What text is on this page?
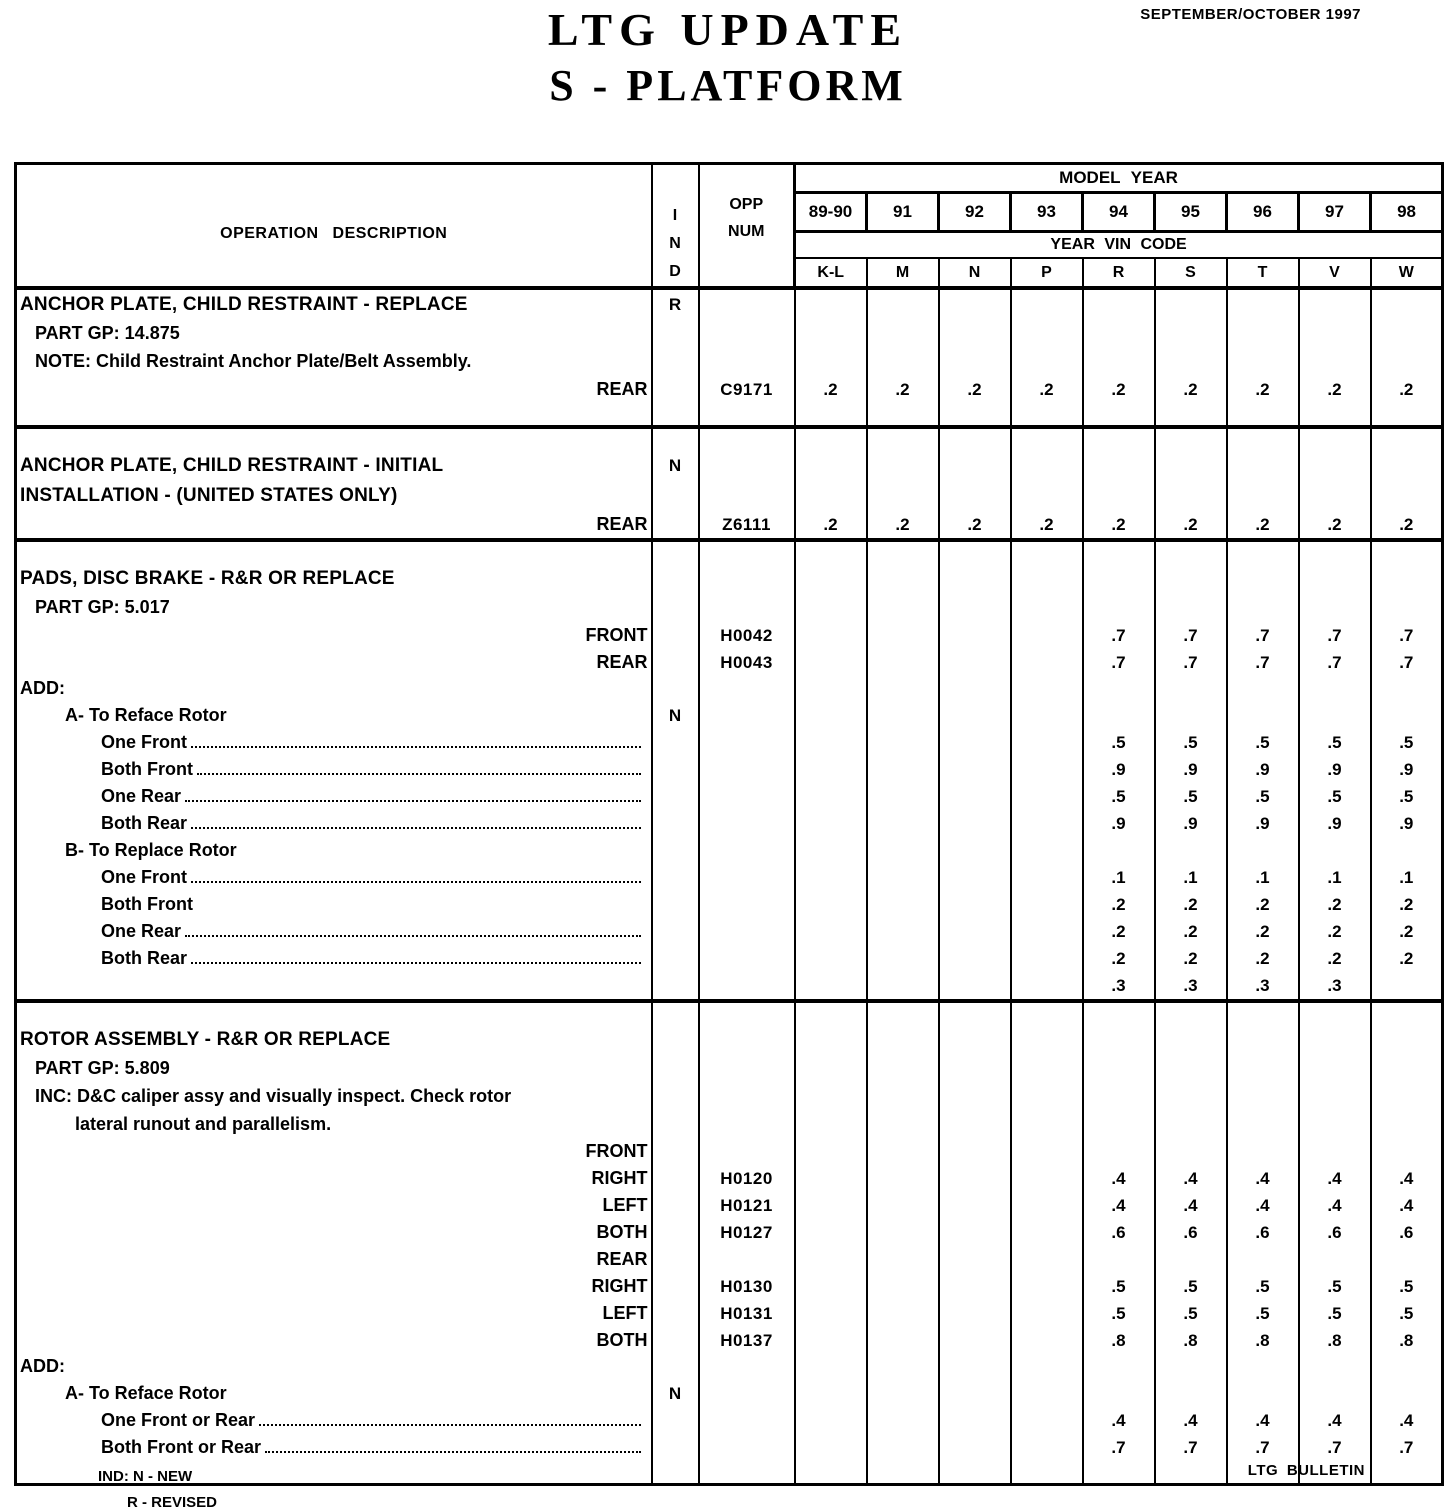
SEPTEMBER/OCTOBER 1997
LTG UPDATE
S - PLATFORM
OPERATION DESCRIPTION	I
N
D	OPP
NUM	MODEL YEAR								
			89-90	91	92	93	94	95	96	97	98
			YEAR VIN CODE								
			K-L	M	N	P	R	S	T	V	W

ANCHOR PLATE, CHILD RESTRAINT - REPLACE	R										

PART GP: 14.875											

NOTE: Child Restraint Anchor Plate/Belt Assembly.											

REAR		C9171	.2	.2	.2	.2	.2	.2	.2	.2	.2

ANCHOR PLATE, CHILD RESTRAINT - INITIAL	N										

INSTALLATION - (UNITED STATES ONLY)											

REAR		Z6111	.2	.2	.2	.2	.2	.2	.2	.2	.2

PADS, DISC BRAKE - R&R OR REPLACE											

PART GP: 5.017											

FRONT		H0042					.7	.7	.7	.7	.7

REAR		H0043					.7	.7	.7	.7	.7

ADD:											

A- To Reface Rotor	N										

One Front							.5	.5	.5	.5	.5

Both Front							.9	.9	.9	.9	.9

One Rear							.5	.5	.5	.5	.5

Both Rear							.9	.9	.9	.9	.9

B- To Replace Rotor											

One Front							.1	.1	.1	.1	.1

Both Front							.2	.2	.2	.2	.2

One Rear							.2	.2	.2	.2	.2

Both Rear							.2	.2	.2	.2	.2
							.3	.3	.3	.3	

ROTOR ASSEMBLY - R&R OR REPLACE											

PART GP: 5.809											

INC: D&C caliper assy and visually inspect. Check rotor											

lateral runout and parallelism.											

FRONT											

RIGHT		H0120					.4	.4	.4	.4	.4

LEFT		H0121					.4	.4	.4	.4	.4

BOTH		H0127					.6	.6	.6	.6	.6

REAR											

RIGHT		H0130					.5	.5	.5	.5	.5

LEFT		H0131					.5	.5	.5	.5	.5

BOTH		H0137					.8	.8	.8	.8	.8

ADD:											

A- To Reface Rotor	N										

One Front or Rear							.4	.4	.4	.4	.4

Both Front or Rear							.7	.7	.7	.7	.7

IND: N - NEW
R - REVISED
LTG BULLETIN
